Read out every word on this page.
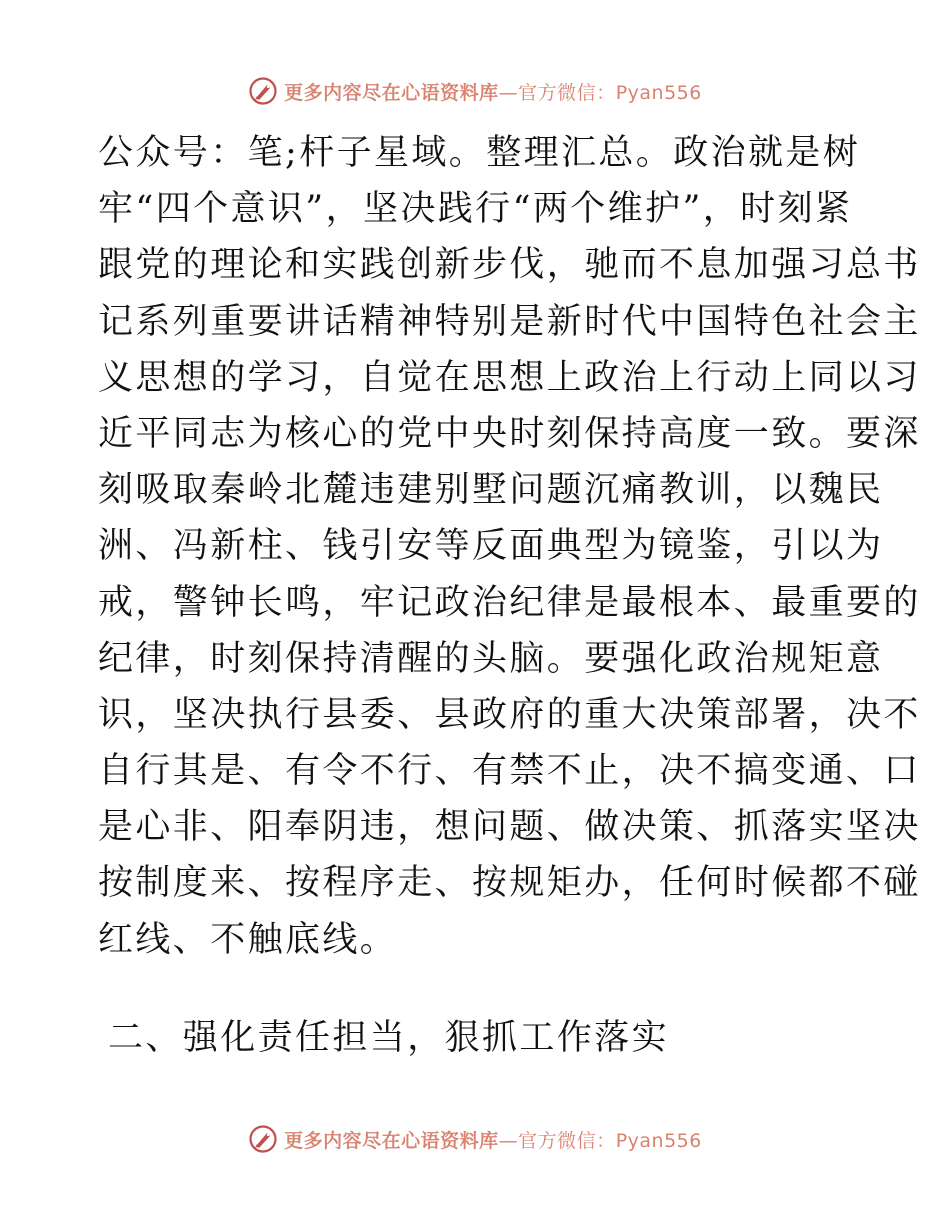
更多内容尽在心语资料库—官方微信：Pyan556
公众号：笔;杆子星域。整理汇总。政治就是树
牢“四个意识”，坚决践行“两个维护”，时刻紧
跟党的理论和实践创新步伐，驰而不息加强习总书
记系列重要讲话精神特别是新时代中国特色社会主
义思想的学习，自觉在思想上政治上行动上同以习
近平同志为核心的党中央时刻保持高度一致。要深
刻吸取秦岭北麓违建别墅问题沉痛教训，以魏民
洲、冯新柱、钱引安等反面典型为镜鉴，引以为
戒，警钟长鸣，牢记政治纪律是最根本、最重要的
纪律，时刻保持清醒的头脑。要强化政治规矩意
识，坚决执行县委、县政府的重大决策部署，决不
自行其是、有令不行、有禁不止，决不搞变通、口
是心非、阳奉阴违，想问题、做决策、抓落实坚决
按制度来、按程序走、按规矩办，任何时候都不碰
红线、不触底线。
二、强化责任担当，狠抓工作落实
更多内容尽在心语资料库—官方微信：Pyan556
